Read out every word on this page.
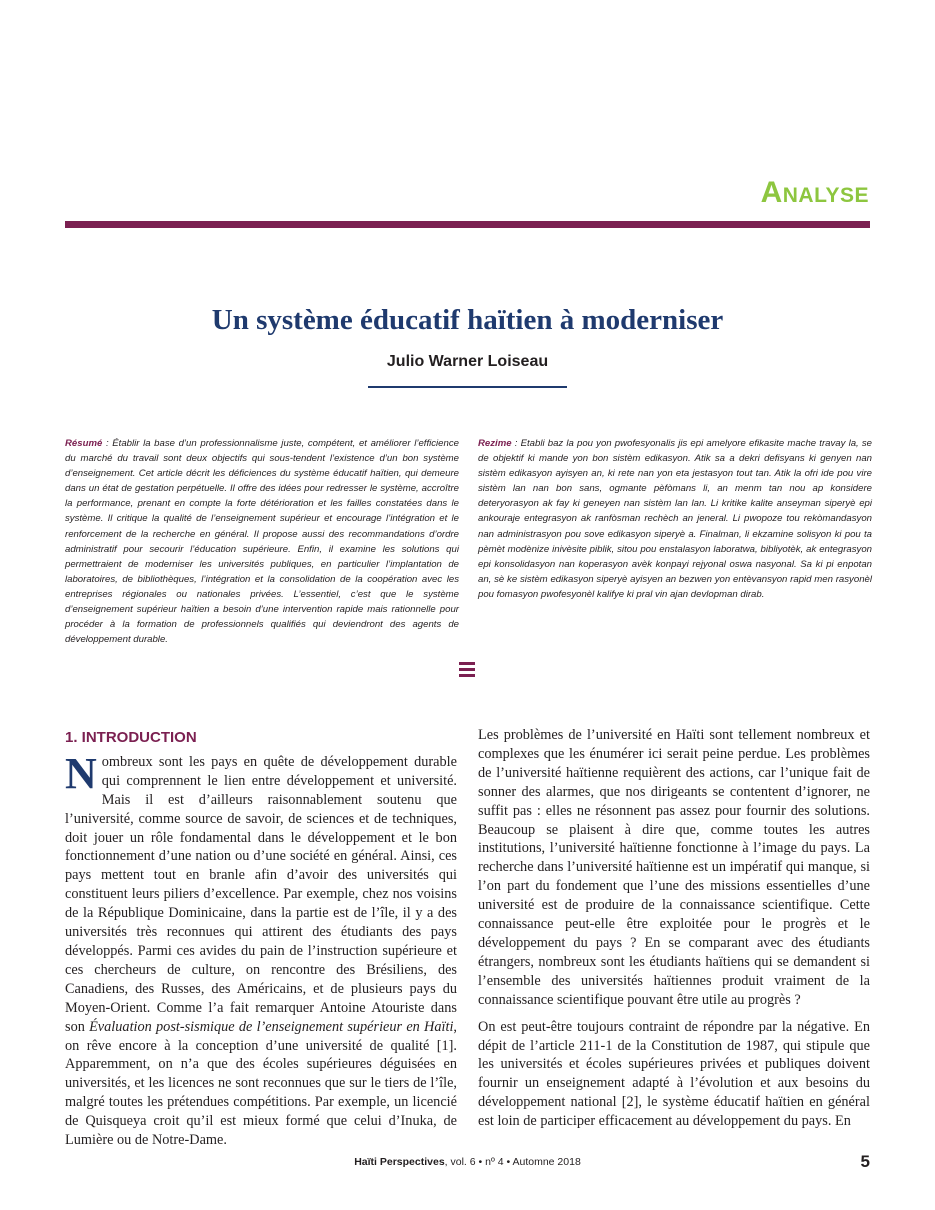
Analyse
Un système éducatif haïtien à moderniser
Julio Warner Loiseau
Résumé : Établir la base d’un professionnalisme juste, compétent, et améliorer l’efficience du marché du travail sont deux objectifs qui sous-tendent l’existence d’un bon système d’enseignement. Cet article décrit les déficiences du système éducatif haïtien, qui demeure dans un état de gestation perpétuelle. Il offre des idées pour redresser le système, accroître la performance, prenant en compte la forte détérioration et les failles constatées dans le système. Il critique la qualité de l’enseignement supérieur et encourage l’intégration et le renforcement de la recherche en général. Il propose aussi des recommandations d’ordre administratif pour secourir l’éducation supérieure. Enfin, il examine les solutions qui permettraient de moderniser les universités publiques, en particulier l’implantation de laboratoires, de bibliothèques, l’intégration et la consolidation de la coopération avec les entreprises régionales ou nationales privées. L’essentiel, c’est que le système d’enseignement supérieur haïtien a besoin d’une intervention rapide mais rationnelle pour procéder à la formation de professionnels qualifiés qui deviendront des agents de développement durable.
Rezime : Etabli baz la pou yon pwofesyonalis jis epi amelyore efikasite mache travay la, se de objektif ki mande yon bon sistèm edikasyon. Atik sa a dekri defisyans ki genyen nan sistèm edikasyon ayisyen an, ki rete nan yon eta jestasyon tout tan. Atik la ofri ide pou vire sistèm lan nan bon sans, ogmante pèfòmans li, an menm tan nou ap konsidere deteryorasyon ak fay ki geneyen nan sistèm lan lan. Li kritike kalite anseyman siperyè epi ankouraje entegrasyon ak ranfòsman rechèch an jeneral. Li pwopoze tou rekòmandasyon nan administrasyon pou sove edikasyon siperyè a. Finalman, li ekzamine solisyon ki pou ta pèmèt modènize inivèsite piblik, sitou pou enstalasyon laboratwa, bibliyotèk, ak entegrasyon epi konsolidasyon nan koperasyon avèk konpayi rejyonal oswa nasyonal. Sa ki pi enpotan an, sè ke sistèm edikasyon siperyè ayisyen an bezwen yon entèvansyon rapid men rasyonèl pou fomasyon pwofesyonèl kalifye ki pral vin ajan devlopman dirab.
1. INTRODUCTION

Nombreux sont les pays en quête de développement durable qui comprennent le lien entre développement et université. Mais il est d’ailleurs raisonnablement soutenu que l’université, comme source de savoir, de sciences et de techniques, doit jouer un rôle fondamental dans le développement et le bon fonctionnement d’une nation ou d’une société en général. Ainsi, ces pays mettent tout en branle afin d’avoir des universités qui constituent leurs piliers d’excellence. Par exemple, chez nos voisins de la République Dominicaine, dans la partie est de l’île, il y a des universités très reconnues qui attirent des étudiants des pays développés. Parmi ces avides du pain de l’instruction supérieure et ces chercheurs de culture, on rencontre des Brésiliens, des Canadiens, des Russes, des Américains, et de plusieurs pays du Moyen-Orient. Comme l’a fait remarquer Antoine Atouriste dans son Évaluation post-sismique de l’enseignement supérieur en Haïti, on rêve encore à la conception d’une université de qualité [1]. Apparemment, on n’a que des écoles supérieures déguisées en universités, et les licences ne sont reconnues que sur le tiers de l’île, malgré toutes les prétendues compétitions. Par exemple, un licencié de Quisqueya croit qu’il est mieux formé que celui d’Inuka, de Lumière ou de Notre-Dame.

Les problèmes de l’université en Haïti sont tellement nombreux et complexes que les énumérer ici serait peine perdue. Les problèmes de l’université haïtienne requièrent des actions, car l’unique fait de sonner des alarmes, que nos dirigeants se contentent d’ignorer, ne suffit pas : elles ne résonnent pas assez pour fournir des solutions. Beaucoup se plaisent à dire que, comme toutes les autres institutions, l’université haïtienne fonctionne à l’image du pays. La recherche dans l’université haïtienne est un impératif qui manque, si l’on part du fondement que l’une des missions essentielles d’une université est de produire de la connaissance scientifique. Cette connaissance peut-elle être exploitée pour le progrès et le développement du pays ? En se comparant avec des étudiants étrangers, nombreux sont les étudiants haïtiens qui se demandent si l’ensemble des universités haïtiennes produit vraiment de la connaissance scientifique pouvant être utile au progrès ?

On est peut-être toujours contraint de répondre par la négative. En dépit de l’article 211-1 de la Constitution de 1987, qui stipule que les universités et écoles supérieures privées et publiques doivent fournir un enseignement adapté à l’évolution et aux besoins du développement national [2], le système éducatif haïtien en général est loin de participer efficacement au développement du pays. En

Haïti Perspectives, vol. 6 • nº 4 • Automne 2018	5
